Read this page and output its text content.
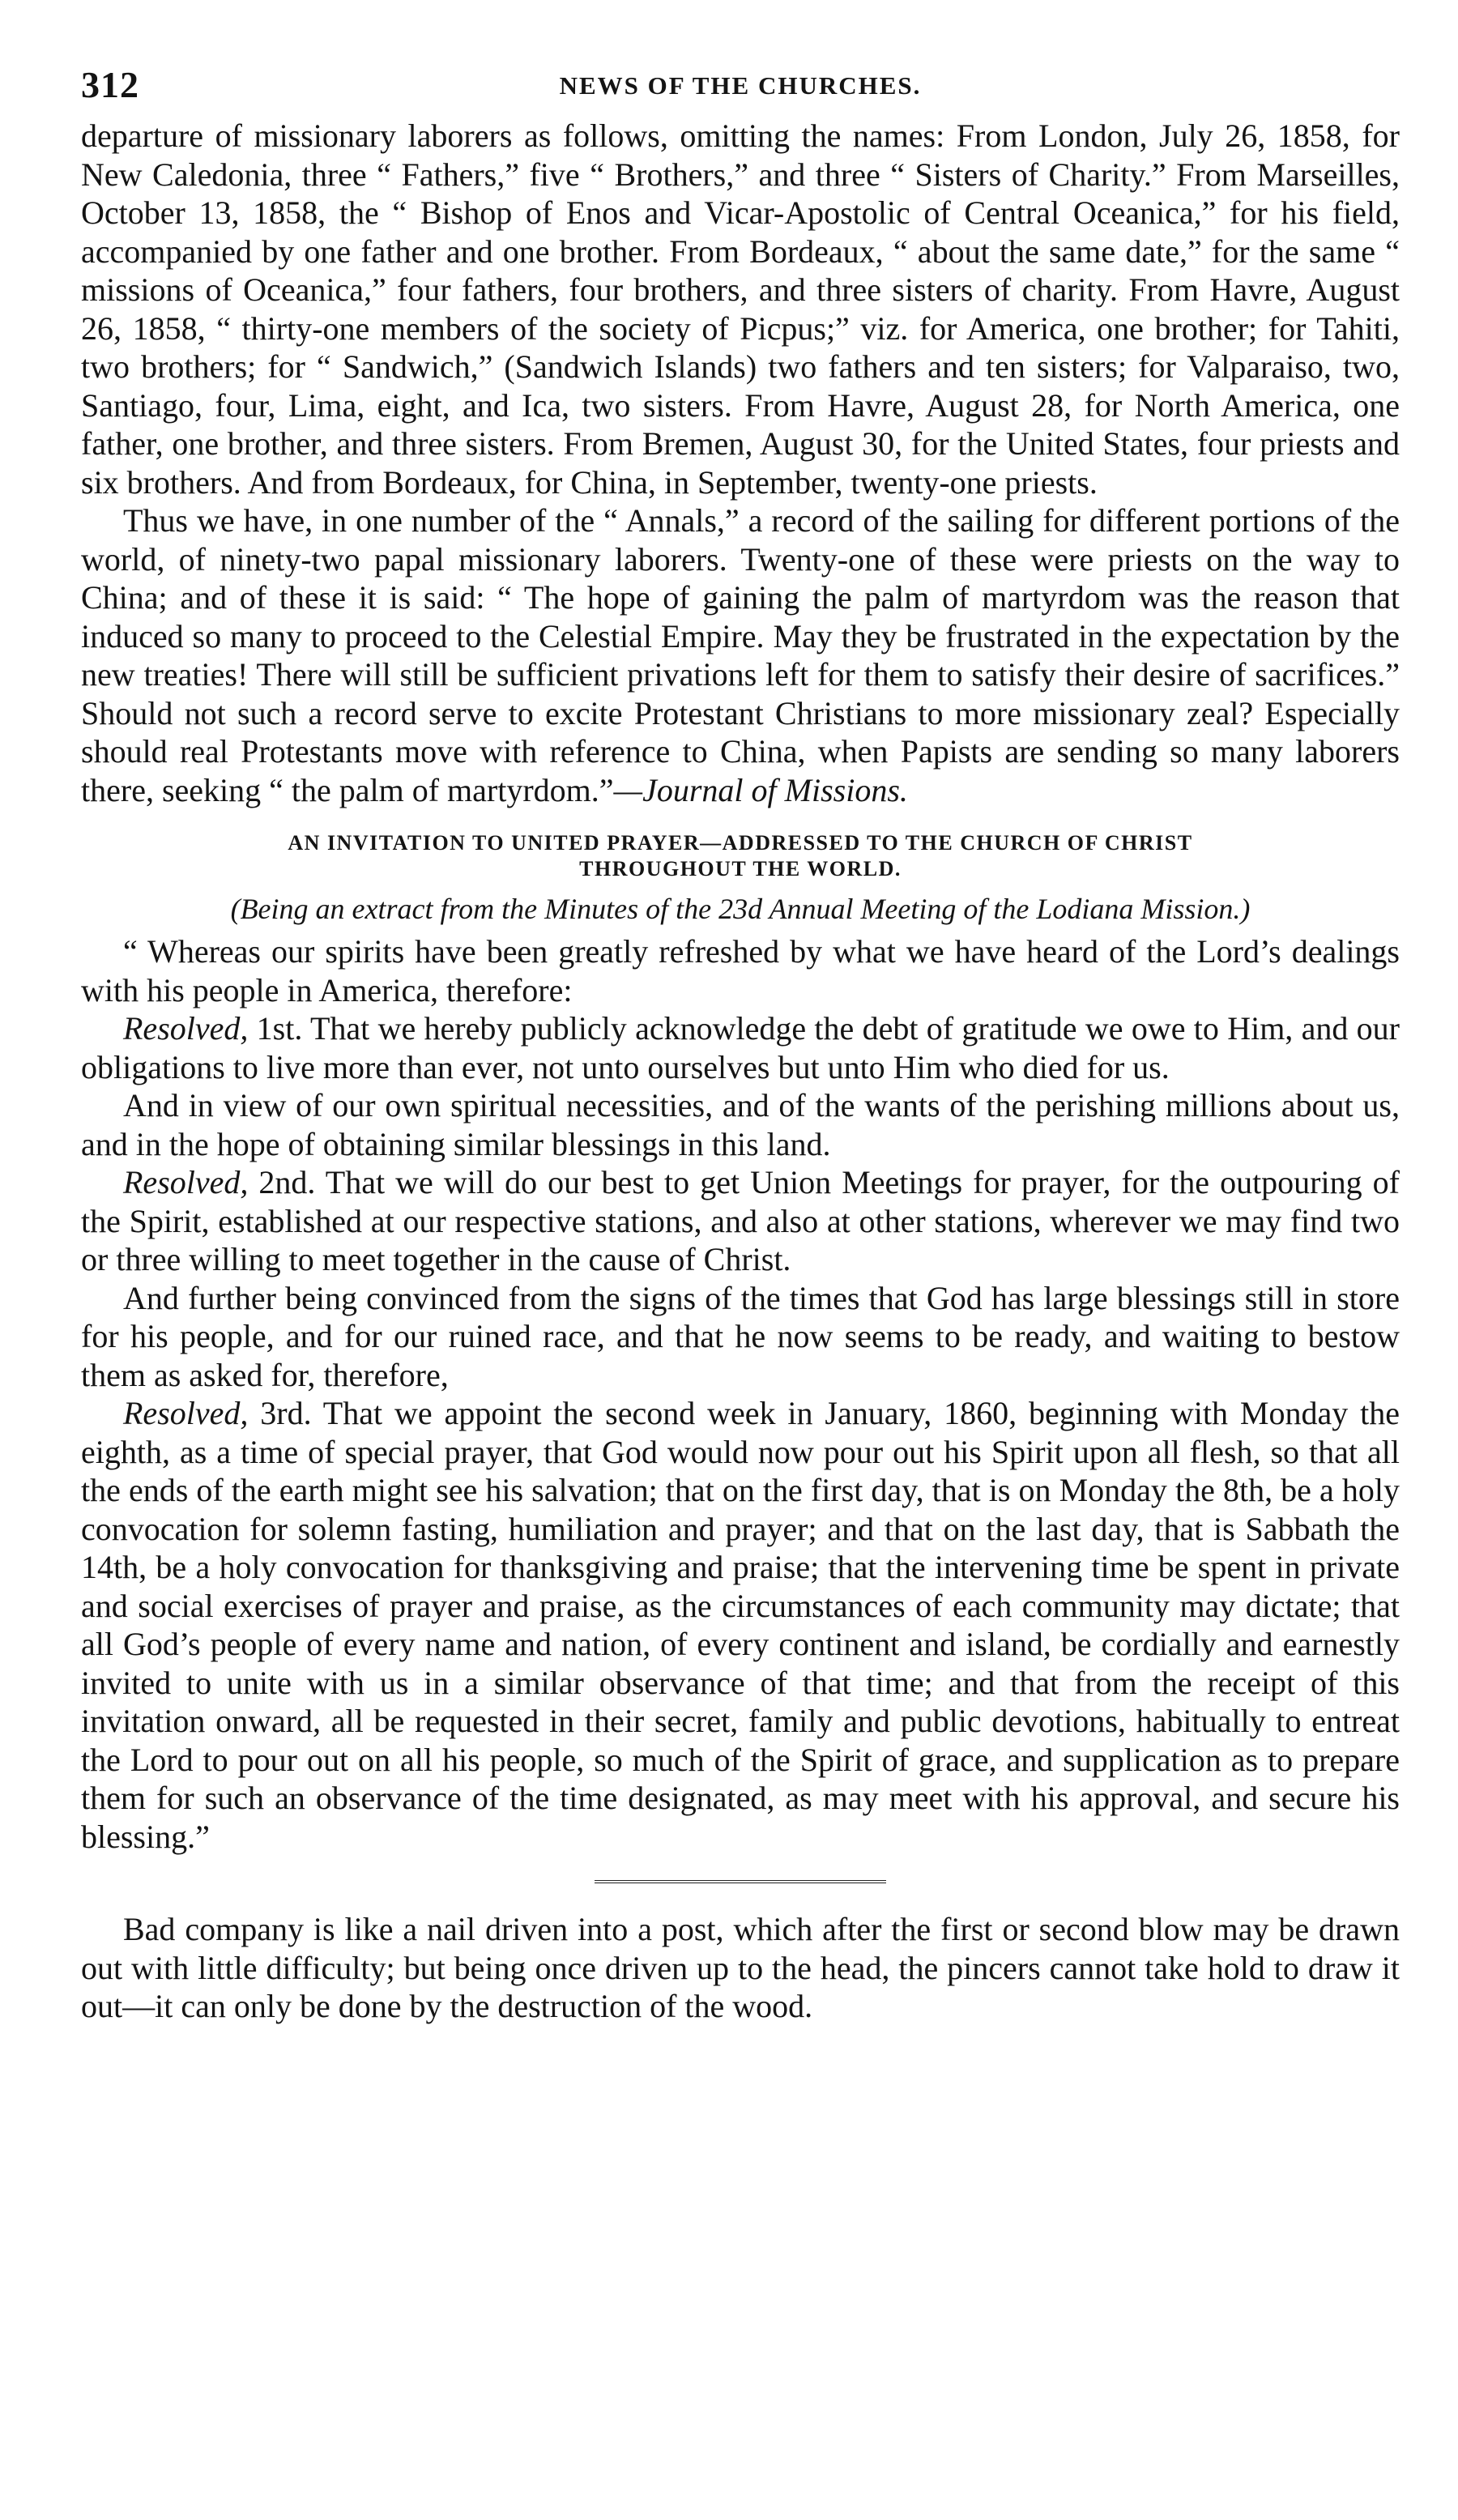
312	NEWS OF THE CHURCHES.

departure of missionary laborers as follows, omitting the names: From London, July 26, 1858, for New Caledonia, three “ Fathers,” five “ Brothers,” and three “ Sisters of Charity.” From Marseilles, October 13, 1858, the “ Bishop of Enos and Vicar-Apostolic of Central Oceanica,” for his field, accompanied by one father and one brother. From Bordeaux, “ about the same date,” for the same “ missions of Oceanica,” four fathers, four brothers, and three sisters of charity. From Havre, August 26, 1858, “ thirty-one members of the society of Picpus;” viz. for America, one brother; for Tahiti, two brothers; for “ Sandwich,” (Sandwich Islands) two fathers and ten sisters; for Valparaiso, two, Santiago, four, Lima, eight, and Ica, two sisters. From Havre, August 28, for North America, one father, one brother, and three sisters. From Bremen, August 30, for the United States, four priests and six brothers. And from Bordeaux, for China, in September, twenty-one priests.

Thus we have, in one number of the “ Annals,” a record of the sailing for different portions of the world, of ninety-two papal missionary laborers. Twenty-one of these were priests on the way to China; and of these it is said: “ The hope of gaining the palm of martyrdom was the reason that induced so many to proceed to the Celestial Empire. May they be frustrated in the expectation by the new treaties! There will still be sufficient privations left for them to satisfy their desire of sacrifices.” Should not such a record serve to excite Protestant Christians to more missionary zeal? Especially should real Protestants move with reference to China, when Papists are sending so many laborers there, seeking “ the palm of martyrdom.”—Journal of Missions.

AN INVITATION TO UNITED PRAYER—ADDRESSED TO THE CHURCH OF CHRIST
THROUGHOUT THE WORLD.
(Being an extract from the Minutes of the 23d Annual Meeting of the Lodiana Mission.)

“ Whereas our spirits have been greatly refreshed by what we have heard of the Lord’s dealings with his people in America, therefore:

Resolved, 1st. That we hereby publicly acknowledge the debt of gratitude we owe to Him, and our obligations to live more than ever, not unto ourselves but unto Him who died for us.

And in view of our own spiritual necessities, and of the wants of the perishing millions about us, and in the hope of obtaining similar blessings in this land.

Resolved, 2nd. That we will do our best to get Union Meetings for prayer, for the outpouring of the Spirit, established at our respective stations, and also at other stations, wherever we may find two or three willing to meet together in the cause of Christ.

And further being convinced from the signs of the times that God has large blessings still in store for his people, and for our ruined race, and that he now seems to be ready, and waiting to bestow them as asked for, therefore,

Resolved, 3rd. That we appoint the second week in January, 1860, beginning with Monday the eighth, as a time of special prayer, that God would now pour out his Spirit upon all flesh, so that all the ends of the earth might see his salvation; that on the first day, that is on Monday the 8th, be a holy convocation for solemn fasting, humiliation and prayer; and that on the last day, that is Sabbath the 14th, be a holy convocation for thanksgiving and praise; that the intervening time be spent in private and social exercises of prayer and praise, as the circumstances of each community may dictate; that all God’s people of every name and nation, of every continent and island, be cordially and earnestly invited to unite with us in a similar observance of that time; and that from the receipt of this invitation onward, all be requested in their secret, family and public devotions, habitually to entreat the Lord to pour out on all his people, so much of the Spirit of grace, and supplication as to prepare them for such an observance of the time designated, as may meet with his approval, and secure his blessing.”

Bad company is like a nail driven into a post, which after the first or second blow may be drawn out with little difficulty; but being once driven up to the head, the pincers cannot take hold to draw it out—it can only be done by the destruction of the wood.
